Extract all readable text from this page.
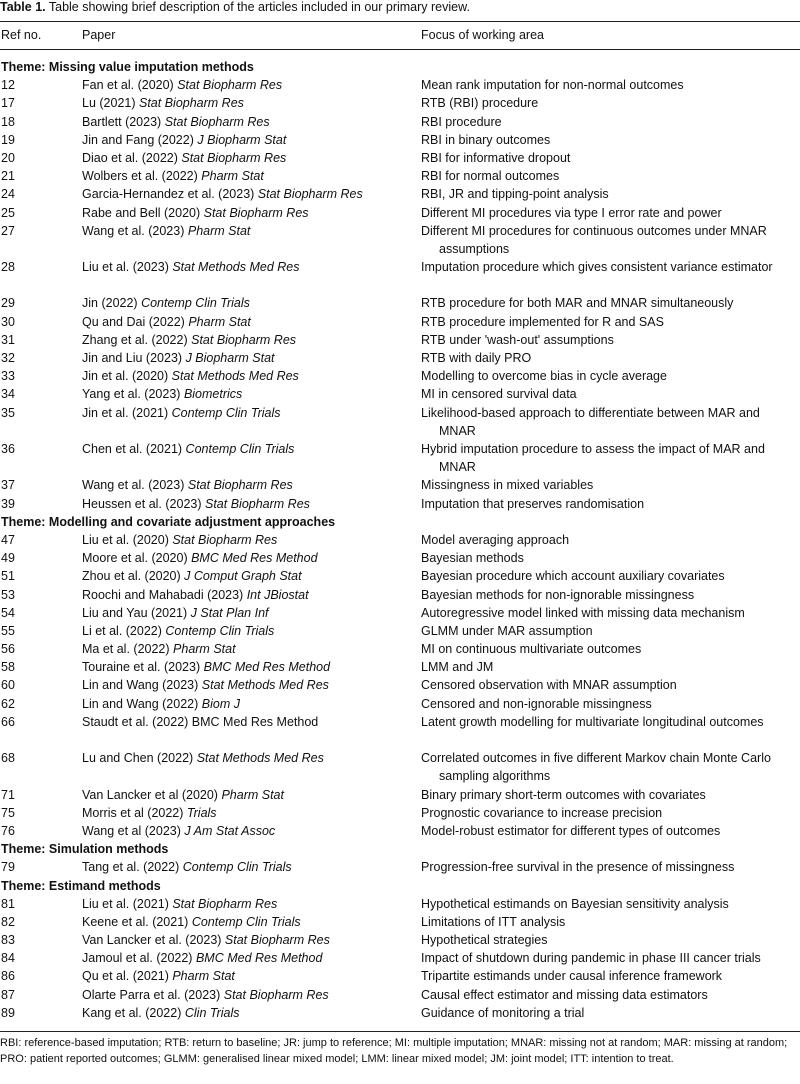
Table 1. Table showing brief description of the articles included in our primary review.
Ref no.	Paper	Focus of working area
Theme: Missing value imputation methods
12	Fan et al. (2020) Stat Biopharm Res	Mean rank imputation for non-normal outcomes
17	Lu (2021) Stat Biopharm Res	RTB (RBI) procedure
18	Bartlett (2023) Stat Biopharm Res	RBI procedure
19	Jin and Fang (2022) J Biopharm Stat	RBI in binary outcomes
20	Diao et al. (2022) Stat Biopharm Res	RBI for informative dropout
21	Wolbers et al. (2022) Pharm Stat	RBI for normal outcomes
24	Garcia-Hernandez et al. (2023) Stat Biopharm Res	RBI, JR and tipping-point analysis
25	Rabe and Bell (2020) Stat Biopharm Res	Different MI procedures via type I error rate and power
27	Wang et al. (2023) Pharm Stat	Different MI procedures for continuous outcomes under MNAR assumptions
28	Liu et al. (2023) Stat Methods Med Res	Imputation procedure which gives consistent variance estimator
29	Jin (2022) Contemp Clin Trials	RTB procedure for both MAR and MNAR simultaneously
30	Qu and Dai (2022) Pharm Stat	RTB procedure implemented for R and SAS
31	Zhang et al. (2022) Stat Biopharm Res	RTB under 'wash-out' assumptions
32	Jin and Liu (2023) J Biopharm Stat	RTB with daily PRO
33	Jin et al. (2020) Stat Methods Med Res	Modelling to overcome bias in cycle average
34	Yang et al. (2023) Biometrics	MI in censored survival data
35	Jin et al. (2021) Contemp Clin Trials	Likelihood-based approach to differentiate between MAR and MNAR
36	Chen et al. (2021) Contemp Clin Trials	Hybrid imputation procedure to assess the impact of MAR and MNAR
37	Wang et al. (2023) Stat Biopharm Res	Missingness in mixed variables
39	Heussen et al. (2023) Stat Biopharm Res	Imputation that preserves randomisation
Theme: Modelling and covariate adjustment approaches
47	Liu et al. (2020) Stat Biopharm Res	Model averaging approach
49	Moore et al. (2020) BMC Med Res Method	Bayesian methods
51	Zhou et al. (2020) J Comput Graph Stat	Bayesian procedure which account auxiliary covariates
53	Roochi and Mahabadi (2023) Int JBiostat	Bayesian methods for non-ignorable missingness
54	Liu and Yau (2021) J Stat Plan Inf	Autoregressive model linked with missing data mechanism
55	Li et al. (2022) Contemp Clin Trials	GLMM under MAR assumption
56	Ma et al. (2022) Pharm Stat	MI on continuous multivariate outcomes
58	Touraine et al. (2023) BMC Med Res Method	LMM and JM
60	Lin and Wang (2023) Stat Methods Med Res	Censored observation with MNAR assumption
62	Lin and Wang (2022) Biom J	Censored and non-ignorable missingness
66	Staudt et al. (2022) BMC Med Res Method	Latent growth modelling for multivariate longitudinal outcomes
68	Lu and Chen (2022) Stat Methods Med Res	Correlated outcomes in five different Markov chain Monte Carlo sampling algorithms
71	Van Lancker et al (2020) Pharm Stat	Binary primary short-term outcomes with covariates
75	Morris et al (2022) Trials	Prognostic covariance to increase precision
76	Wang et al (2023) J Am Stat Assoc	Model-robust estimator for different types of outcomes
Theme: Simulation methods
79	Tang et al. (2022) Contemp Clin Trials	Progression-free survival in the presence of missingness
Theme: Estimand methods
81	Liu et al. (2021) Stat Biopharm Res	Hypothetical estimands on Bayesian sensitivity analysis
82	Keene et al. (2021) Contemp Clin Trials	Limitations of ITT analysis
83	Van Lancker et al. (2023) Stat Biopharm Res	Hypothetical strategies
84	Jamoul et al. (2022) BMC Med Res Method	Impact of shutdown during pandemic in phase III cancer trials
86	Qu et al. (2021) Pharm Stat	Tripartite estimands under causal inference framework
87	Olarte Parra et al. (2023) Stat Biopharm Res	Causal effect estimator and missing data estimators
89	Kang et al. (2022) Clin Trials	Guidance of monitoring a trial
RBI: reference-based imputation; RTB: return to baseline; JR: jump to reference; MI: multiple imputation; MNAR: missing not at random; MAR: missing at random; PRO: patient reported outcomes; GLMM: generalised linear mixed model; LMM: linear mixed model; JM: joint model; ITT: intention to treat.
